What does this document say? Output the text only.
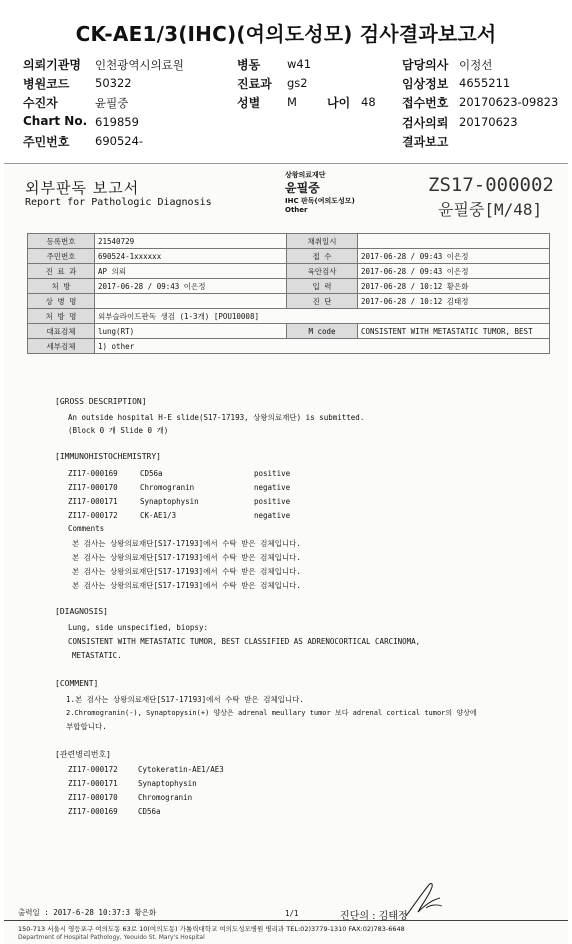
CK-AE1/3(IHC)(여의도성모) 검사결과보고서
의뢰기관명 인천광역시의료원	병동 w41	담당의사 이정선
병원코드 50322	진료과 gs2	임상정보 4655211
수진자	윤필중	성별 M	나이 48 접수번호 20170623-09823
Chart No. 619859	검사의뢰 20170623
주민번호 690524-	결과보고
외부판독 보고서
Report for Pathologic Diagnosis
상왕의료재단
윤필중
IHC 판독(여의도성모)
Other
ZS17-000002
윤필중[M/48]
등록번호	21540729	채취일시	
주민번호	690524-1xxxxxx	접 수	2017-06-28 / 09:43 이은정
진 료 과	AP 의뢰	육안검사	2017-06-28 / 09:43 이은정
처 방	2017-06-28 / 09:43 이은정	입 력	2017-06-28 / 10:12 황은화
상 병 명		진 단	2017-06-28 / 10:12 김태정
처 방 명	외부슬라이드판독 생검 (1-3개) [POU10008]		
대표검체	lung(RT)	M code	CONSISTENT WITH METASTATIC TUMOR, BEST
세부검체	1) other		
[GROSS DESCRIPTION]
An outside hospital H-E slide(S17-17193, 상왕의료재단) is submitted.
(Block 0 개 Slide 0 개)
[IMMUNOHISTOCHEMISTRY]
ZI17-000169	CD56a	positive
ZI17-000170	Chromogranin	negative
ZI17-000171	Synaptophysin	positive
ZI17-000172	CK-AE1/3	negative
Comments
본 검사는 상왕의료재단[S17-17193]에서 수탁 받은 검체입니다.
본 검사는 상왕의료재단[S17-17193]에서 수탁 받은 검체입니다.
본 검사는 상왕의료재단[S17-17193]에서 수탁 받은 검체입니다.
본 검사는 상왕의료재단[S17-17193]에서 수탁 받은 검체입니다.
[DIAGNOSIS]
Lung, side unspecified, biopsy:
CONSISTENT WITH METASTATIC TUMOR, BEST CLASSIFIED AS ADRENOCORTICAL CARCINOMA,
METASTATIC.
[COMMENT]
1.본 검사는 상왕의료재단[S17-17193]에서 수탁 받은 검체입니다.
2.Chromogranin(-), Synaptopysin(+) 양상은 adrenal meullary tumor 보다 adrenal cortical tumor의 양상에
부합합니다.
[관련병리번호]
ZI17-000172	Cytokeratin-AE1/AE3
ZI17-000171	Synaptophysin
ZI17-000170	Chromogranin
ZI17-000169	CD56a
출력일 : 2017-6-28 10:37:3 황은화	1/1	진단의 : 김태정
150-713 서울시 영등포구 여의도동 63로 10(여의도동) 가톨릭대학교 여의도성모병원 병리과 TEL:02)3779-1310 FAX:02)783-6648
Department of Hospital Pathology, Yeouido St. Mary's Hospital
